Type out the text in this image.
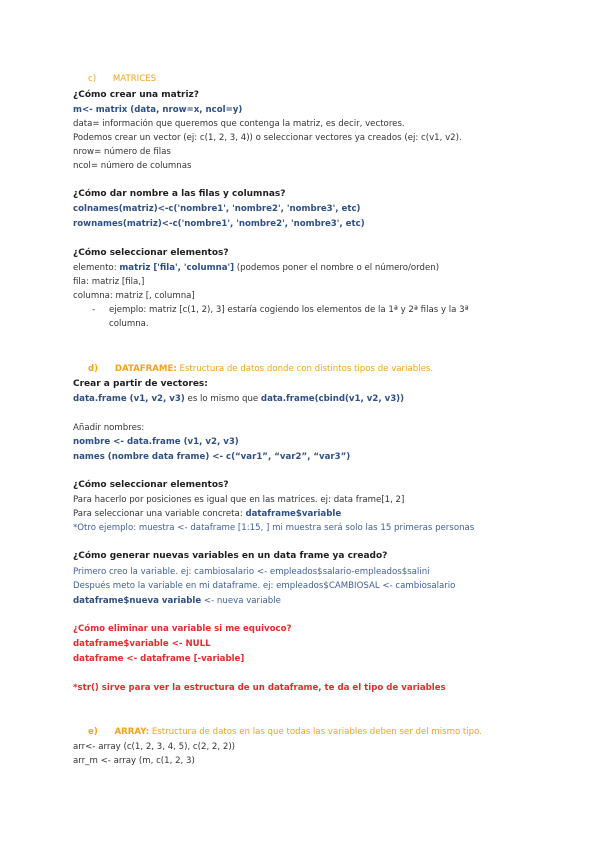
c) MATRICES
¿Cómo crear una matriz?
m<- matrix (data, nrow=x, ncol=y)
data= información que queremos que contenga la matriz, es decir, vectores.
Podemos crear un vector (ej: c(1, 2, 3, 4)) o seleccionar vectores ya creados (ej: c(v1, v2).
nrow= número de filas
ncol= número de columnas
¿Cómo dar nombre a las filas y columnas?
colnames(matriz)<-c('nombre1', 'nombre2', 'nombre3', etc)
rownames(matriz)<-c('nombre1', 'nombre2', 'nombre3', etc)
¿Cómo seleccionar elementos?
elemento: matriz ['fila', 'columna'] (podemos poner el nombre o el número/orden)
fila: matriz [fila,]
columna: matriz [, columna]
- ejemplo: matriz [c(1, 2), 3] estaría cogiendo los elementos de la 1ª y 2ª filas y la 3ª
columna.
d) DATAFRAME: Estructura de datos donde con distintos tipos de variables.
Crear a partir de vectores:
data.frame (v1, v2, v3) es lo mismo que data.frame(cbind(v1, v2, v3))
Añadir nombres:
nombre <- data.frame (v1, v2, v3)
names (nombre data frame) <- c(“var1”, “var2”, “var3”)
¿Cómo seleccionar elementos?
Para hacerlo por posiciones es igual que en las matrices. ej: data frame[1, 2]
Para seleccionar una variable concreta: dataframe$variable
*Otro ejemplo: muestra <- dataframe [1:15, ] mi muestra será solo las 15 primeras personas
¿Cómo generar nuevas variables en un data frame ya creado?
Primero creo la variable. ej: cambiosalario <- empleados$salario-empleados$salini
Después meto la variable en mi dataframe. ej: empleados$CAMBIOSAL <- cambiosalario
dataframe$nueva variable <- nueva variable
¿Cómo eliminar una variable si me equivoco?
dataframe$variable <- NULL
dataframe <- dataframe [-variable]
*str() sirve para ver la estructura de un dataframe, te da el tipo de variables
e) ARRAY: Estructura de datos en las que todas las variables deben ser del mismo tipo.
arr<- array (c(1, 2, 3, 4, 5), c(2, 2, 2))
arr_m <- array (m, c(1, 2, 3)
